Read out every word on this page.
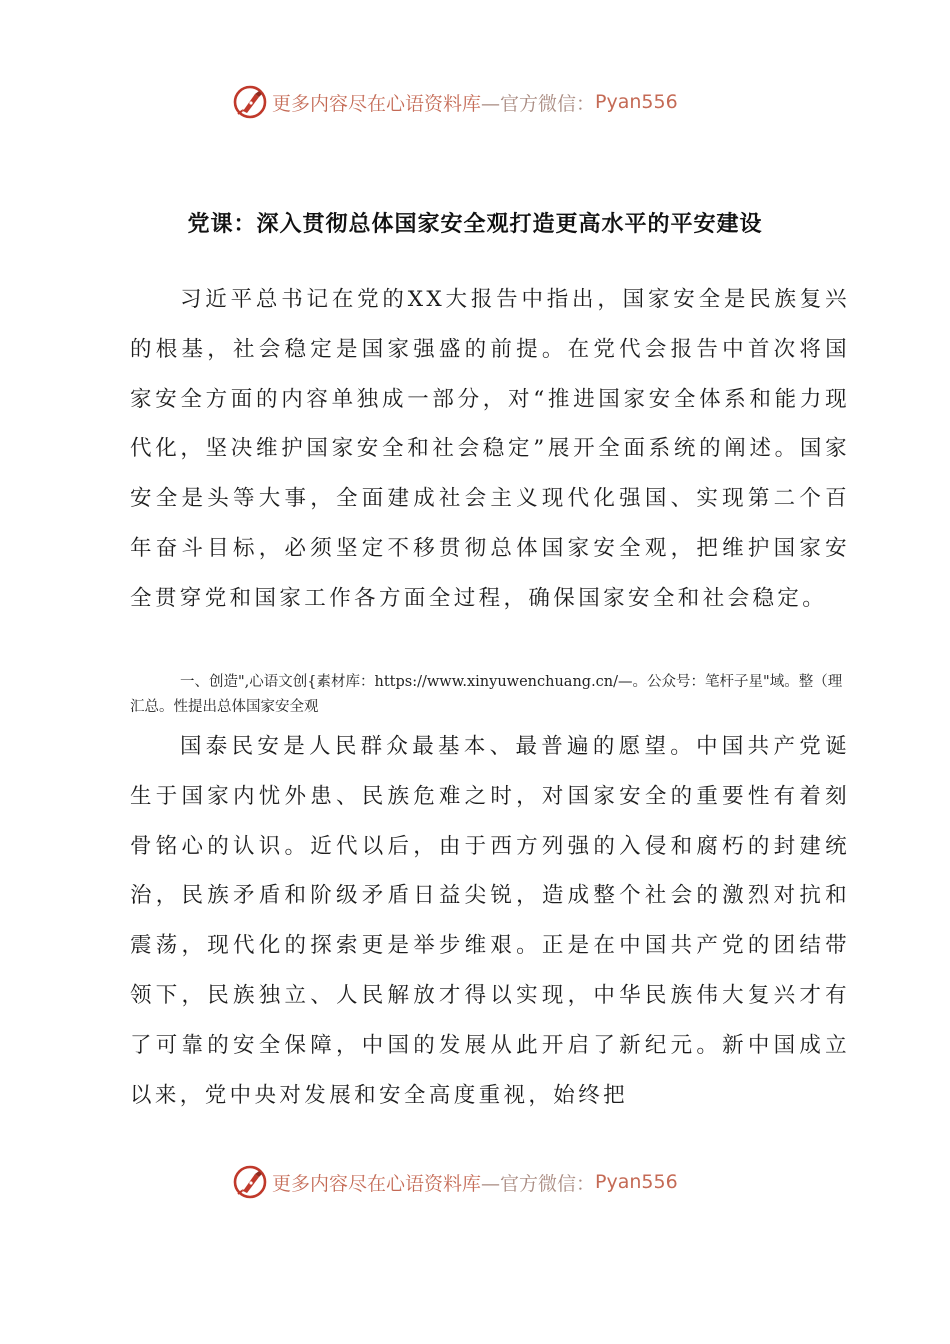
更多内容尽在心语资料库 —官方微信： Pyan556
党课：深入贯彻总体国家安全观打造更高水平的平安建设

习近平总书记在党的XX大报告中指出，国家安全是民族复兴的根基，社会稳定是国家强盛的前提。在党代会报告中首次将国家安全方面的内容单独成一部分，对“推进国家安全体系和能力现代化，坚决维护国家安全和社会稳定”展开全面系统的阐述。国家安全是头等大事，全面建成社会主义现代化强国、实现第二个百年奋斗目标，必须坚定不移贯彻总体国家安全观，把维护国家安全贯穿党和国家工作各方面全过程，确保国家安全和社会稳定。

一、创造",心语文创{素材库：https://www.xinyuwenchuang.cn/—。公众号：笔杆子星"域。整（理汇总。性提出总体国家安全观

国泰民安是人民群众最基本、最普遍的愿望。中国共产党诞生于国家内忧外患、民族危难之时，对国家安全的重要性有着刻骨铭心的认识。近代以后，由于西方列强的入侵和腐朽的封建统治，民族矛盾和阶级矛盾日益尖锐，造成整个社会的激烈对抗和震荡，现代化的探索更是举步维艰。正是在中国共产党的团结带领下，民族独立、人民解放才得以实现，中华民族伟大复兴才有了可靠的安全保障，中国的发展从此开启了新纪元。新中国成立以来，党中央对发展和安全高度重视，始终把

更多内容尽在心语资料库 —官方微信： Pyan556
